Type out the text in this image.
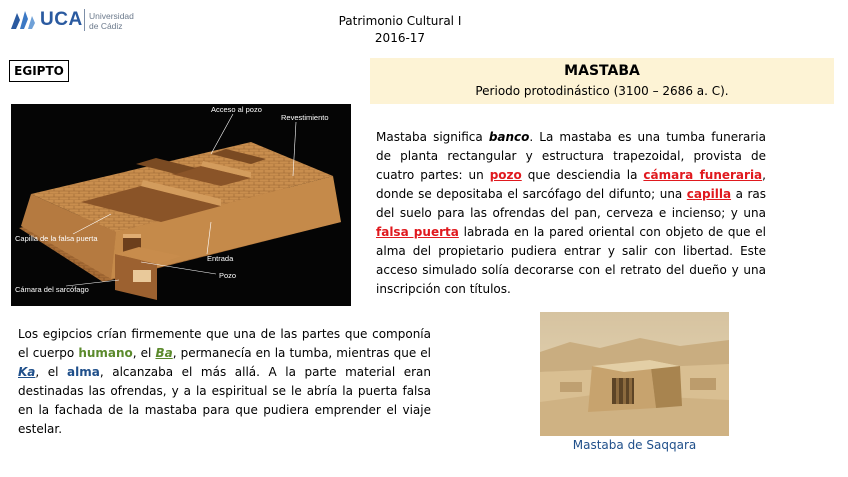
UCA Universidad
de Cádiz	Patrimonio Cultural I
2016-17
EGIPTO	MASTABA
Periodo protodinástico (3100 – 2686 a. C).
Acceso al pozo
Revestimiento
Capilla de la falsa puerta
Entrada
Pozo
Cámara del sarcófago
Mastaba significa banco. La mastaba es una tumba funeraria de planta rectangular y estructura trapezoidal, provista de cuatro partes: un pozo que desciendia la cámara funeraria, donde se depositaba el sarcófago del difunto; una capilla a ras del suelo para las ofrendas del pan, cerveza e incienso; y una falsa puerta labrada en la pared oriental con objeto de que el alma del propietario pudiera entrar y salir con libertad. Este acceso simulado solía decorarse con el retrato del dueño y una inscripción con títulos.
Los egipcios crían firmemente que una de las partes que componía el cuerpo humano, el Ba, permanecía en la tumba, mientras que el Ka, el alma, alcanzaba el más allá. A la parte material eran destinadas las ofrendas, y a la espiritual se le abría la puerta falsa en la fachada de la mastaba para que pudiera emprender el viaje estelar.
Mastaba de Saqqara
